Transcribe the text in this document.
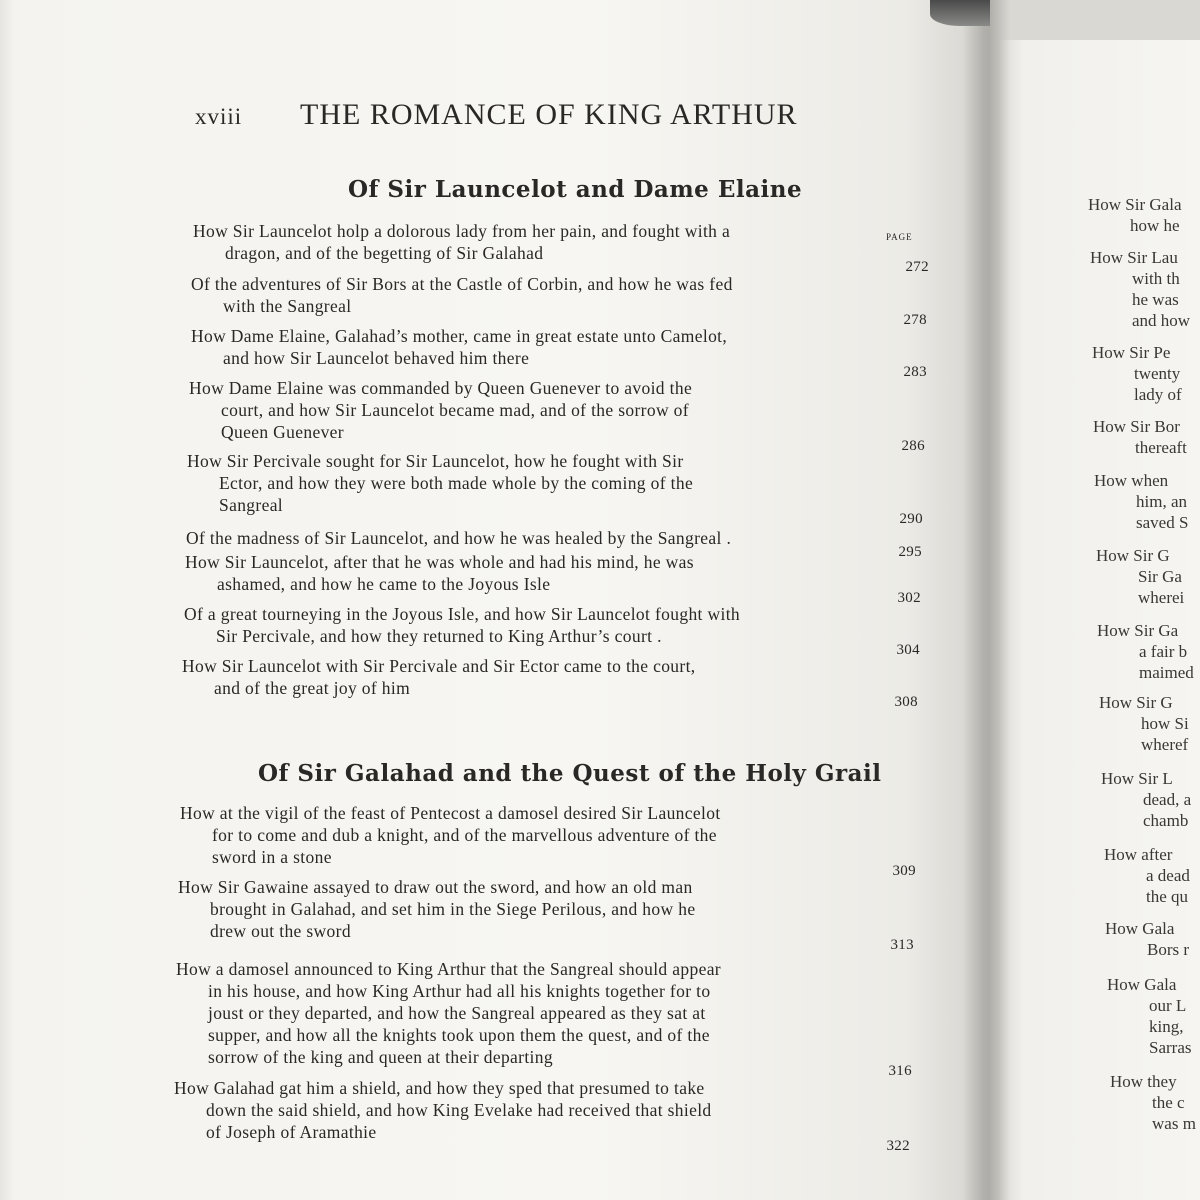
xviii THE ROMANCE OF KING ARTHUR
Of Sir Launcelot and Dame Elaine
PAGE
How Sir Launcelot holp a dolorous lady from her pain, and fought with a
dragon, and of the begetting of Sir Galahad
272
Of the adventures of Sir Bors at the Castle of Corbin, and how he was fed
with the Sangreal
278
How Dame Elaine, Galahad’s mother, came in great estate unto Camelot,
and how Sir Launcelot behaved him there
283
How Dame Elaine was commanded by Queen Guenever to avoid the
court, and how Sir Launcelot became mad, and of the sorrow of
Queen Guenever
286
How Sir Percivale sought for Sir Launcelot, how he fought with Sir
Ector, and how they were both made whole by the coming of the
Sangreal
290
Of the madness of Sir Launcelot, and how he was healed by the Sangreal .
295
How Sir Launcelot, after that he was whole and had his mind, he was
ashamed, and how he came to the Joyous Isle
302
Of a great tourneying in the Joyous Isle, and how Sir Launcelot fought with
Sir Percivale, and how they returned to King Arthur’s court .
304
How Sir Launcelot with Sir Percivale and Sir Ector came to the court,
and of the great joy of him
308
Of Sir Galahad and the Quest of the Holy Grail
How at the vigil of the feast of Pentecost a damosel desired Sir Launcelot
for to come and dub a knight, and of the marvellous adventure of the
sword in a stone
309
How Sir Gawaine assayed to draw out the sword, and how an old man
brought in Galahad, and set him in the Siege Perilous, and how he
drew out the sword
313
How a damosel announced to King Arthur that the Sangreal should appear
in his house, and how King Arthur had all his knights together for to
joust or they departed, and how the Sangreal appeared as they sat at
supper, and how all the knights took upon them the quest, and of the
sorrow of the king and queen at their departing
316
How Galahad gat him a shield, and how they sped that presumed to take
down the said shield, and how King Evelake had received that shield
of Joseph of Aramathie
322
How Sir Gala
how he
How Sir Lau
with th
he was
and how
How Sir Pe
twenty
lady of
How Sir Bor
thereaft
How when
him, an
saved S
How Sir G
Sir Ga
wherei
How Sir Ga
a fair b
maimed
How Sir G
how Si
wheref
How Sir L
dead, a
chamb
How after
a dead
the qu
How Gala
Bors r
How Gala
our L
king,
Sarras
How they
the c
was m
